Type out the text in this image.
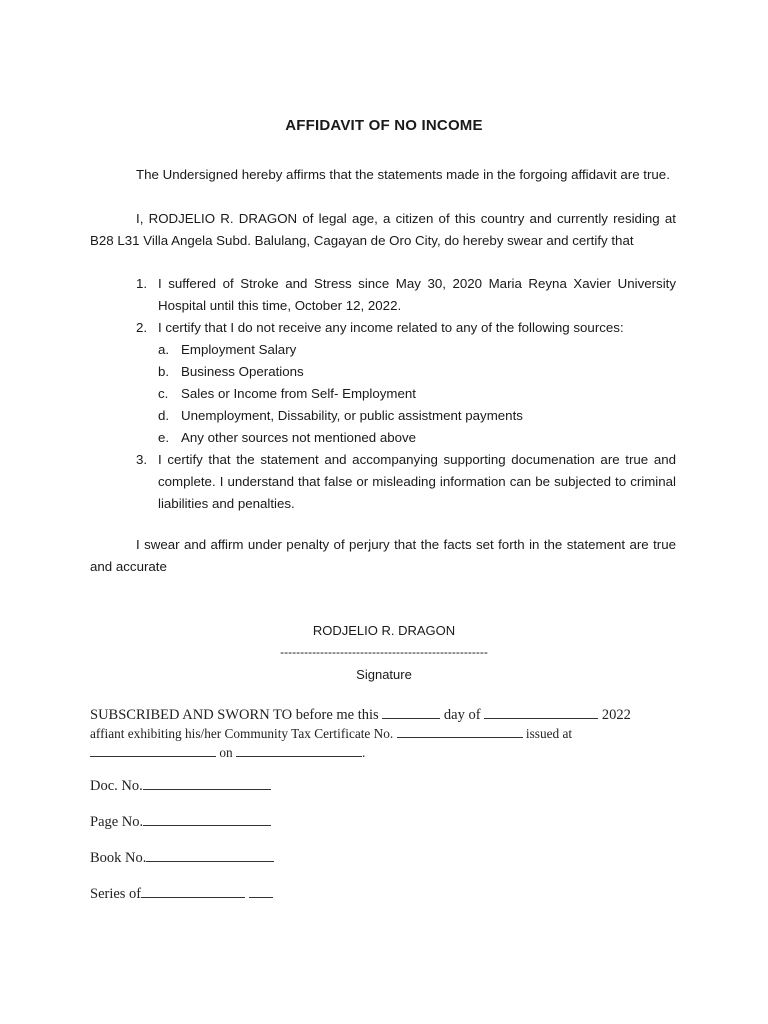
AFFIDAVIT OF NO INCOME
The Undersigned hereby affirms that the statements made in the forgoing affidavit are true.
I, RODJELIO R. DRAGON of legal age, a citizen of this country and currently residing at B28 L31 Villa Angela Subd. Balulang, Cagayan de Oro City, do hereby swear and certify that
1. I suffered of Stroke and Stress since May 30, 2020 Maria Reyna Xavier University Hospital until this time, October 12, 2022.
2. I certify that I do not receive any income related to any of the following sources:
a. Employment Salary
b. Business Operations
c. Sales or Income from Self- Employment
d. Unemployment, Dissability, or public assistment payments
e. Any other sources not mentioned above
3. I certify that the statement and accompanying supporting documenation are true and complete. I understand that false or misleading information can be subjected to criminal liabilities and penalties.
I swear and affirm under penalty of perjury that the facts set forth in the statement are true and accurate
RODJELIO R. DRAGON
----------------------------------------------------
Signature
SUBSCRIBED AND SWORN TO before me this	day of	2022
affiant exhibiting his/her Community Tax Certificate No.	issued at
on	.
Doc. No.
Page No.
Book No.
Series of
